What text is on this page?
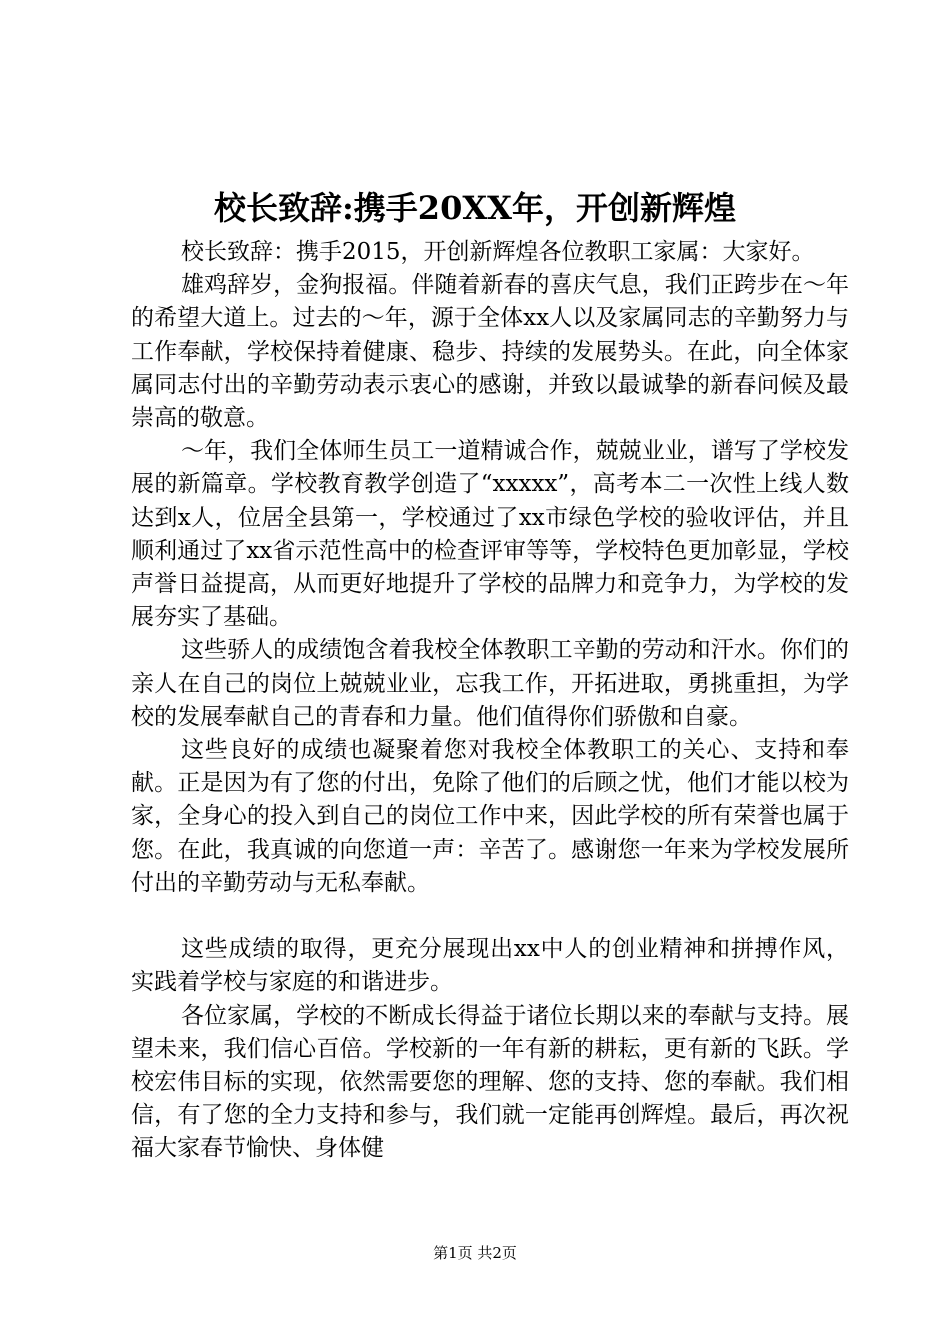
校长致辞:携手20XX年，开创新辉煌

校长致辞：携手2015，开创新辉煌各位教职工家属：大家好。

雄鸡辞岁，金狗报福。伴随着新春的喜庆气息，我们正跨步在～年的希望大道上。过去的～年，源于全体xx人以及家属同志的辛勤努力与工作奉献，学校保持着健康、稳步、持续的发展势头。在此，向全体家属同志付出的辛勤劳动表示衷心的感谢，并致以最诚挚的新春问候及最崇高的敬意。

～年，我们全体师生员工一道精诚合作，兢兢业业，谱写了学校发展的新篇章。学校教育教学创造了“xxxxx”，高考本二一次性上线人数达到x人，位居全县第一，学校通过了xx市绿色学校的验收评估，并且顺利通过了xx省示范性高中的检查评审等等，学校特色更加彰显，学校声誉日益提高，从而更好地提升了学校的品牌力和竞争力，为学校的发展夯实了基础。

这些骄人的成绩饱含着我校全体教职工辛勤的劳动和汗水。你们的亲人在自己的岗位上兢兢业业，忘我工作，开拓进取，勇挑重担，为学校的发展奉献自己的青春和力量。他们值得你们骄傲和自豪。

这些良好的成绩也凝聚着您对我校全体教职工的关心、支持和奉献。正是因为有了您的付出，免除了他们的后顾之忧，他们才能以校为家，全身心的投入到自己的岗位工作中来，因此学校的所有荣誉也属于您。在此，我真诚的向您道一声：辛苦了。感谢您一年来为学校发展所付出的辛勤劳动与无私奉献。

这些成绩的取得，更充分展现出xx中人的创业精神和拼搏作风，实践着学校与家庭的和谐进步。

各位家属，学校的不断成长得益于诸位长期以来的奉献与支持。展望未来，我们信心百倍。学校新的一年有新的耕耘，更有新的飞跃。学校宏伟目标的实现，依然需要您的理解、您的支持、您的奉献。我们相信，有了您的全力支持和参与，我们就一定能再创辉煌。最后，再次祝福大家春节愉快、身体健

第1页 共2页
